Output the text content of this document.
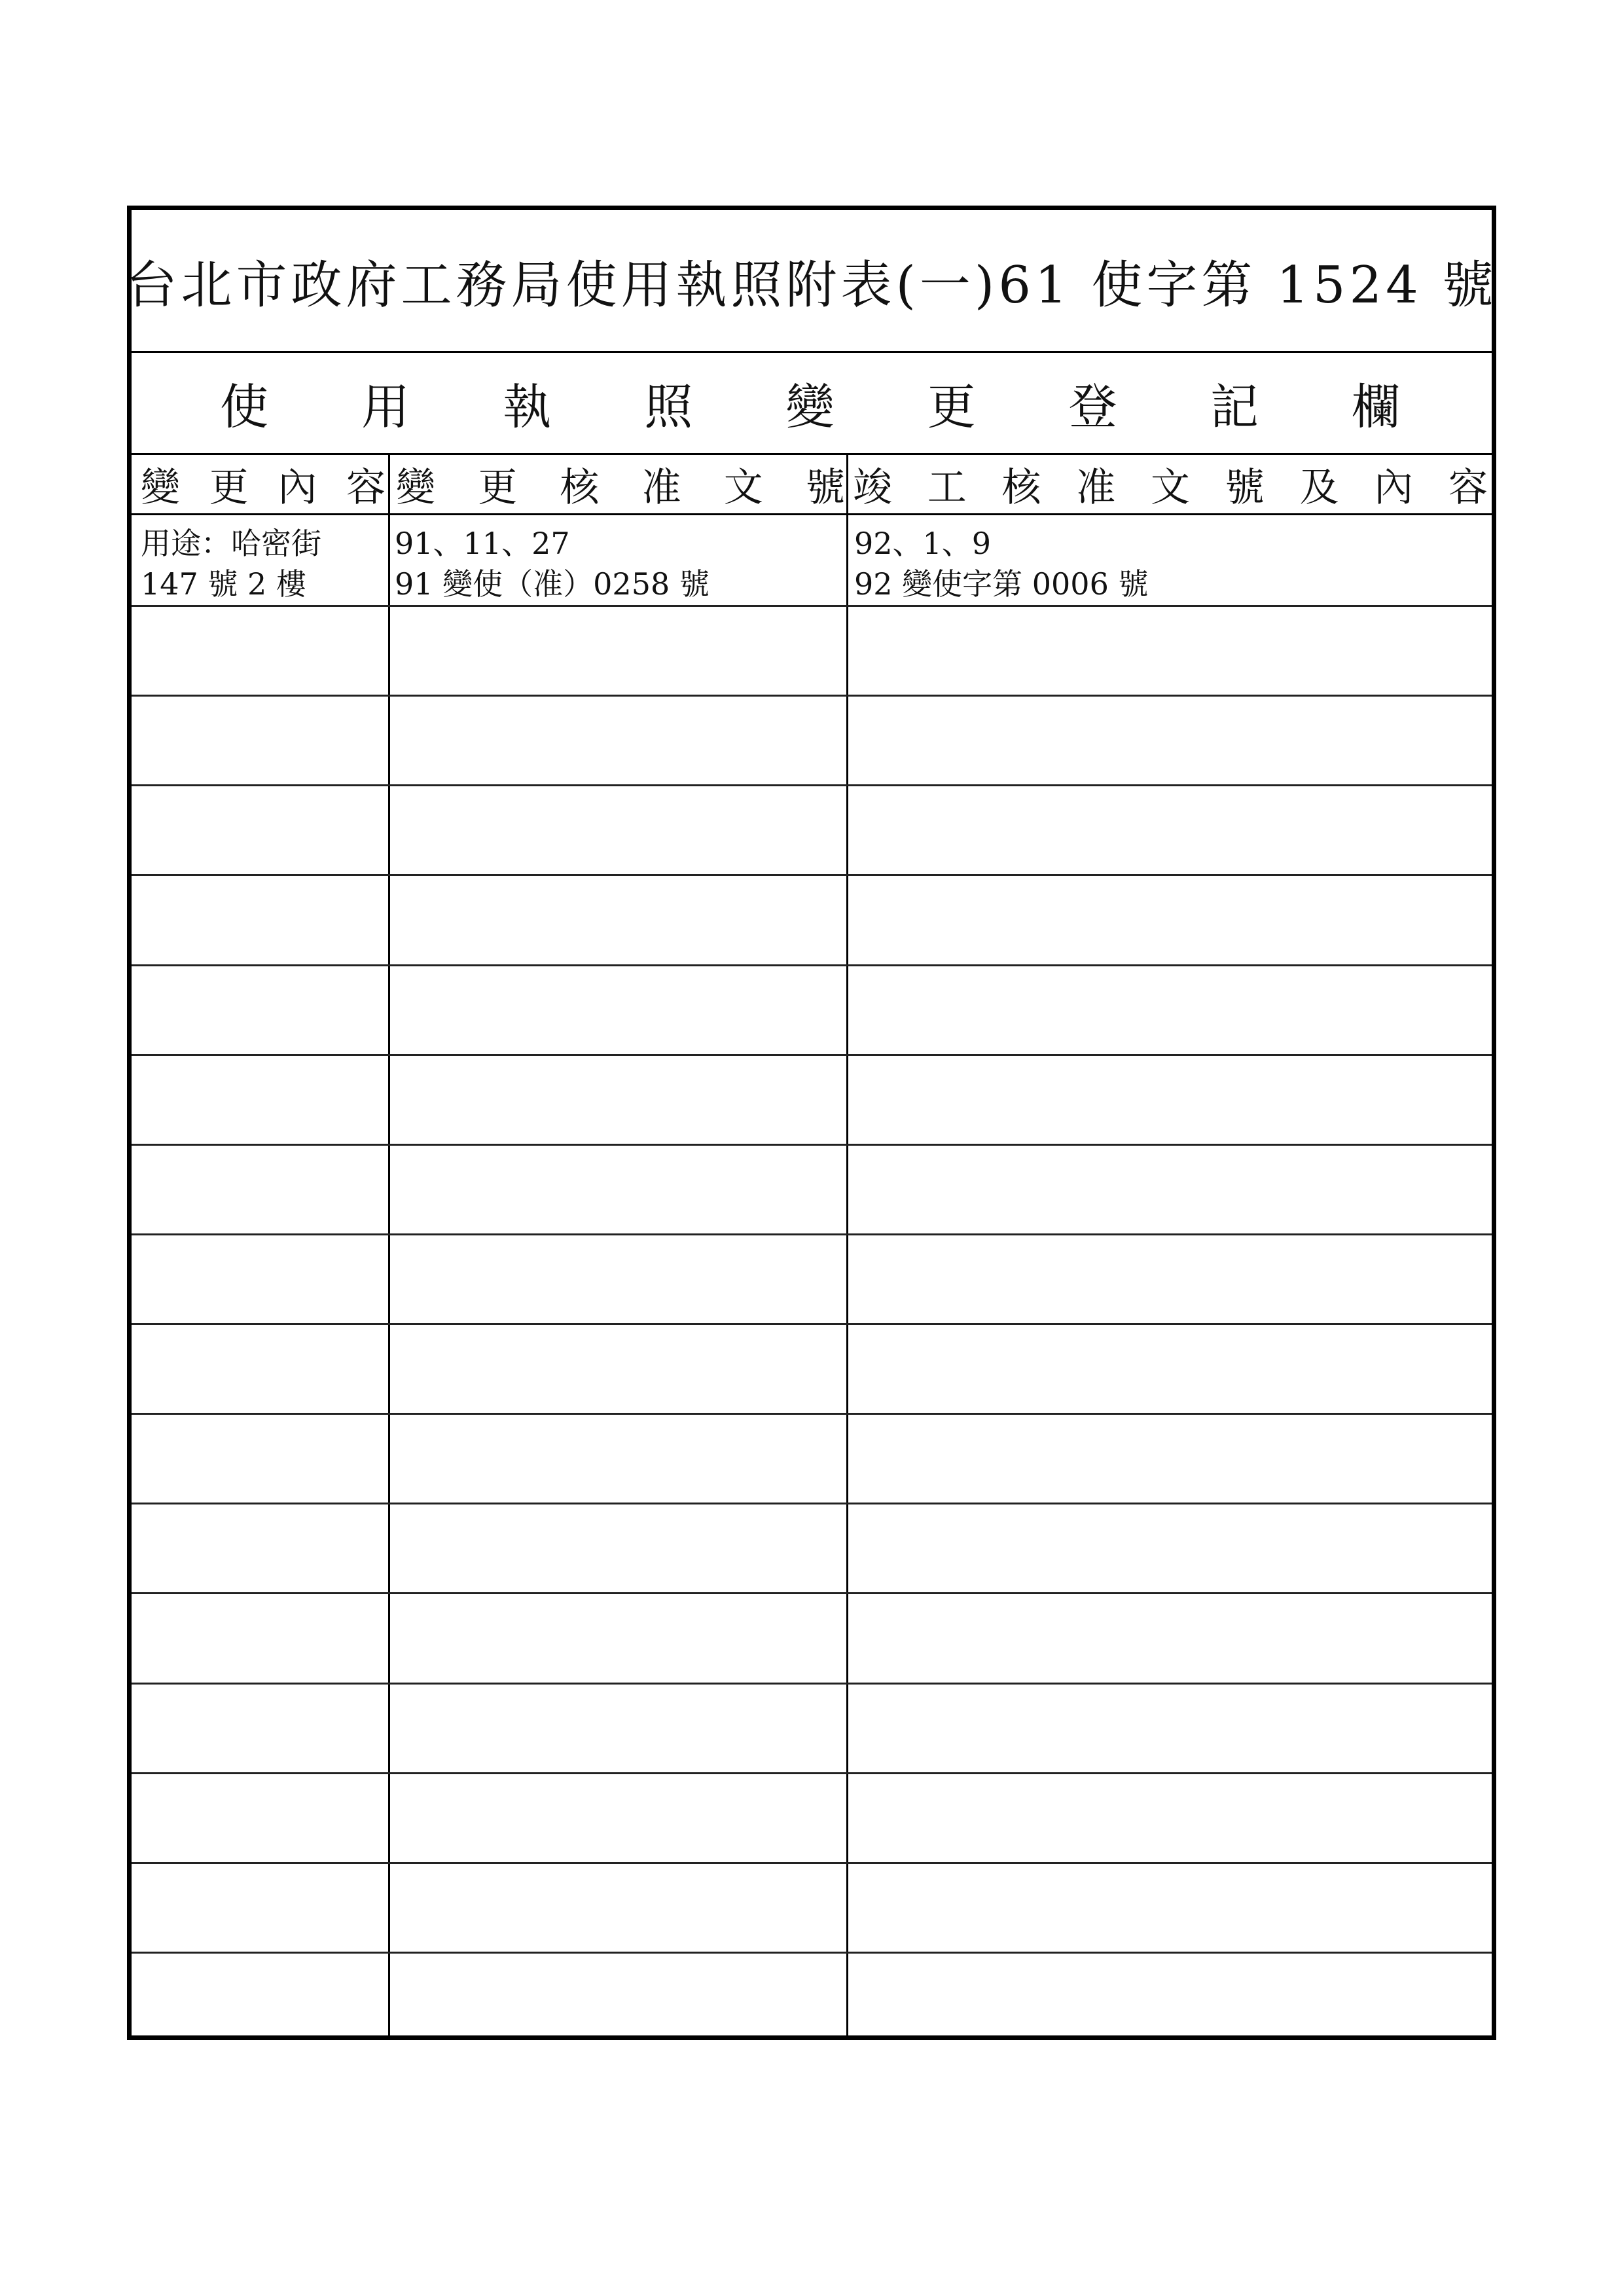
台北市政府工務局使用執照附表(一)61 使字第 1524 號
使 用 執 照 變 更 登 記 欄
變 更 內 容 變 更 核 准 文 號 竣 工 核 准 文 號 及 內 容
用途：哈密街
147 號 2 樓
91、11、27
91 變使（准）0258 號
92、1、9
92 變使字第 0006 號
